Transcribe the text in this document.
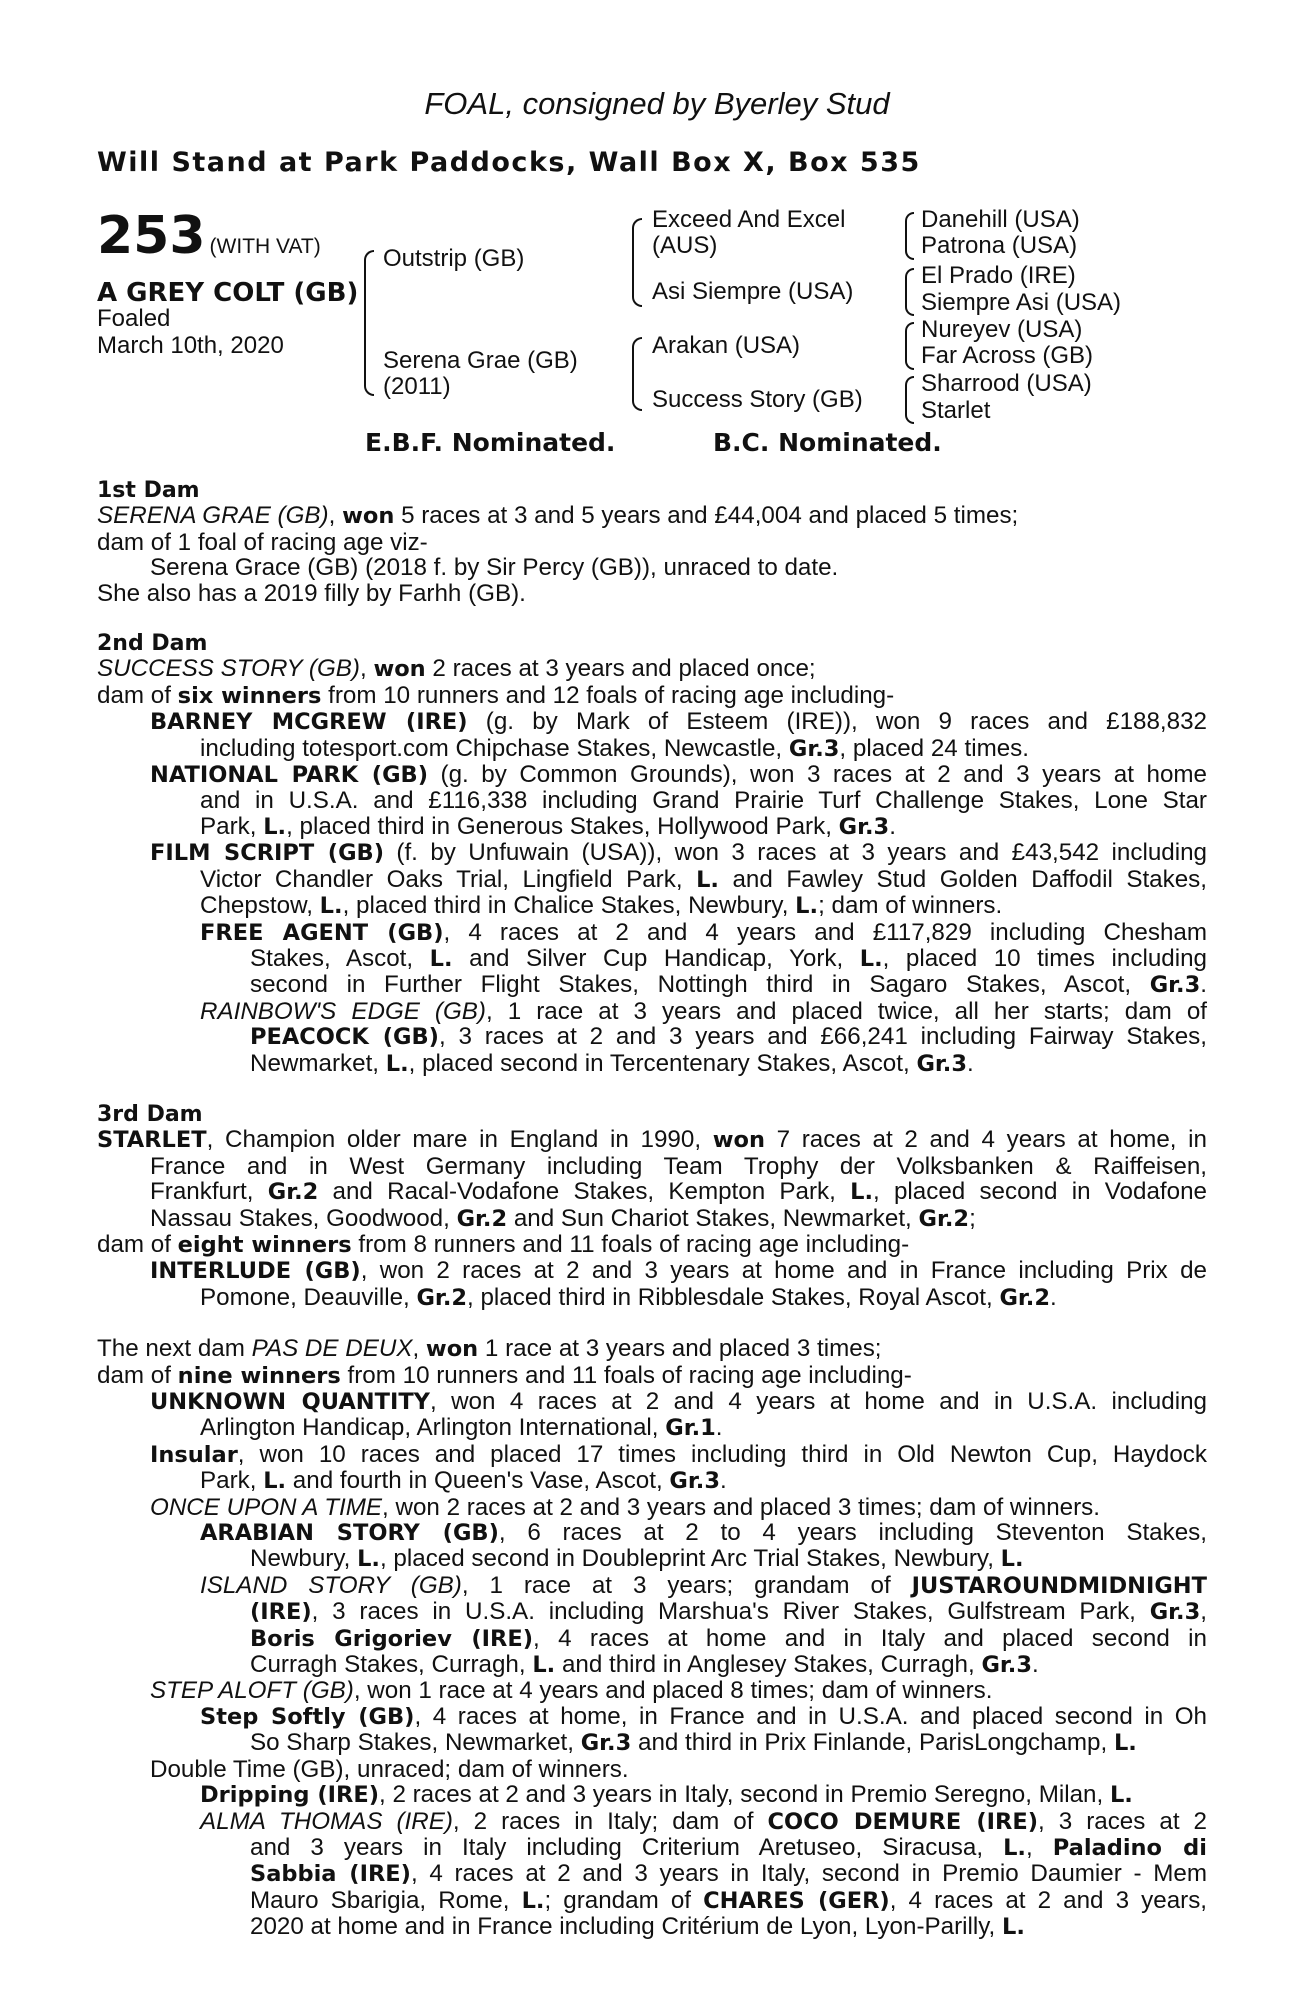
FOAL, consigned by Byerley Stud
Will Stand at Park Paddocks, Wall Box X, Box 535
253 (WITH VAT)
A GREY COLT (GB)
Foaled
March 10th, 2020
Outstrip (GB)
Serena Grae (GB)
(2011)
Exceed And Excel
(AUS)
Asi Siempre (USA)
Arakan (USA)
Success Story (GB)
Danehill (USA)
Patrona (USA)
El Prado (IRE)
Siempre Asi (USA)
Nureyev (USA)
Far Across (GB)
Sharrood (USA)
Starlet
E.B.F. Nominated.	B.C. Nominated.
1st Dam
SERENA GRAE (GB), won 5 races at 3 and 5 years and £44,004 and placed 5 times;
dam of 1 foal of racing age viz-
Serena Grace (GB) (2018 f. by Sir Percy (GB)), unraced to date.
She also has a 2019 filly by Farhh (GB).
2nd Dam
SUCCESS STORY (GB), won 2 races at 3 years and placed once;
dam of six winners from 10 runners and 12 foals of racing age including-
BARNEY MCGREW (IRE) (g. by Mark of Esteem (IRE)), won 9 races and £188,832
including totesport.com Chipchase Stakes, Newcastle, Gr.3, placed 24 times.
NATIONAL PARK (GB) (g. by Common Grounds), won 3 races at 2 and 3 years at home
and in U.S.A. and £116,338 including Grand Prairie Turf Challenge Stakes, Lone Star
Park, L., placed third in Generous Stakes, Hollywood Park, Gr.3.
FILM SCRIPT (GB) (f. by Unfuwain (USA)), won 3 races at 3 years and £43,542 including
Victor Chandler Oaks Trial, Lingfield Park, L. and Fawley Stud Golden Daffodil Stakes,
Chepstow, L., placed third in Chalice Stakes, Newbury, L.; dam of winners.
FREE AGENT (GB), 4 races at 2 and 4 years and £117,829 including Chesham
Stakes, Ascot, L. and Silver Cup Handicap, York, L., placed 10 times including
second in Further Flight Stakes, Nottingh third in Sagaro Stakes, Ascot, Gr.3.
RAINBOW'S EDGE (GB), 1 race at 3 years and placed twice, all her starts; dam of
PEACOCK (GB), 3 races at 2 and 3 years and £66,241 including Fairway Stakes,
Newmarket, L., placed second in Tercentenary Stakes, Ascot, Gr.3.
3rd Dam
STARLET, Champion older mare in England in 1990, won 7 races at 2 and 4 years at home, in
France and in West Germany including Team Trophy der Volksbanken & Raiffeisen,
Frankfurt, Gr.2 and Racal-Vodafone Stakes, Kempton Park, L., placed second in Vodafone
Nassau Stakes, Goodwood, Gr.2 and Sun Chariot Stakes, Newmarket, Gr.2;
dam of eight winners from 8 runners and 11 foals of racing age including-
INTERLUDE (GB), won 2 races at 2 and 3 years at home and in France including Prix de
Pomone, Deauville, Gr.2, placed third in Ribblesdale Stakes, Royal Ascot, Gr.2.
The next dam PAS DE DEUX, won 1 race at 3 years and placed 3 times;
dam of nine winners from 10 runners and 11 foals of racing age including-
UNKNOWN QUANTITY, won 4 races at 2 and 4 years at home and in U.S.A. including
Arlington Handicap, Arlington International, Gr.1.
Insular, won 10 races and placed 17 times including third in Old Newton Cup, Haydock
Park, L. and fourth in Queen's Vase, Ascot, Gr.3.
ONCE UPON A TIME, won 2 races at 2 and 3 years and placed 3 times; dam of winners.
ARABIAN STORY (GB), 6 races at 2 to 4 years including Steventon Stakes,
Newbury, L., placed second in Doubleprint Arc Trial Stakes, Newbury, L.
ISLAND STORY (GB), 1 race at 3 years; grandam of JUSTAROUNDMIDNIGHT
(IRE), 3 races in U.S.A. including Marshua's River Stakes, Gulfstream Park, Gr.3,
Boris Grigoriev (IRE), 4 races at home and in Italy and placed second in
Curragh Stakes, Curragh, L. and third in Anglesey Stakes, Curragh, Gr.3.
STEP ALOFT (GB), won 1 race at 4 years and placed 8 times; dam of winners.
Step Softly (GB), 4 races at home, in France and in U.S.A. and placed second in Oh
So Sharp Stakes, Newmarket, Gr.3 and third in Prix Finlande, ParisLongchamp, L.
Double Time (GB), unraced; dam of winners.
Dripping (IRE), 2 races at 2 and 3 years in Italy, second in Premio Seregno, Milan, L.
ALMA THOMAS (IRE), 2 races in Italy; dam of COCO DEMURE (IRE), 3 races at 2
and 3 years in Italy including Criterium Aretuseo, Siracusa, L., Paladino di
Sabbia (IRE), 4 races at 2 and 3 years in Italy, second in Premio Daumier - Mem
Mauro Sbarigia, Rome, L.; grandam of CHARES (GER), 4 races at 2 and 3 years,
2020 at home and in France including Critérium de Lyon, Lyon-Parilly, L.
